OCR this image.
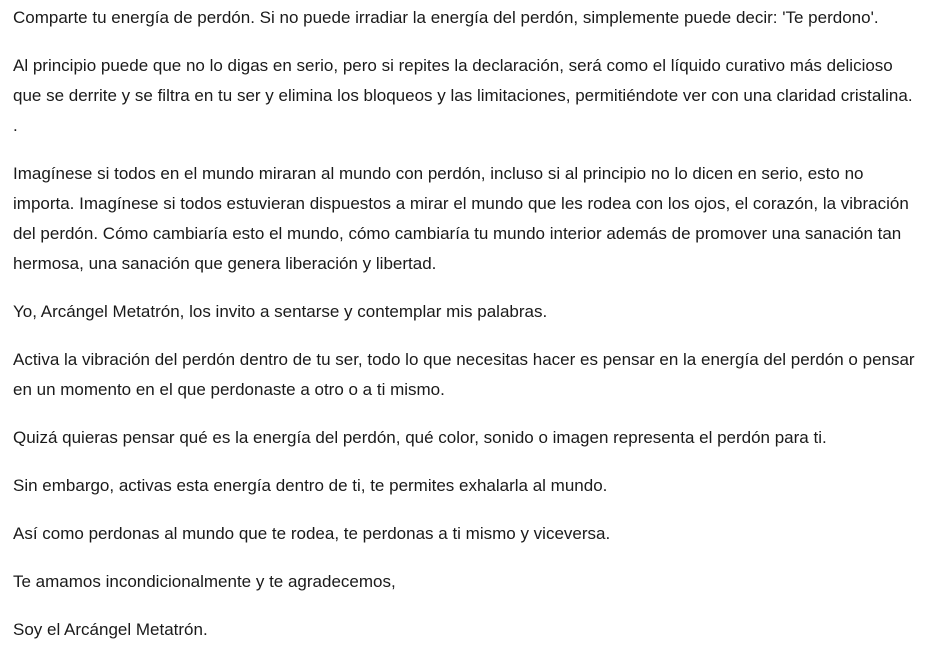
Comparte tu energía de perdón. Si no puede irradiar la energía del perdón, simplemente puede decir: 'Te perdono'.

Al principio puede que no lo digas en serio, pero si repites la declaración, será como el líquido curativo más delicioso que se derrite y se filtra en tu ser y elimina los bloqueos y las limitaciones, permitiéndote ver con una claridad cristalina. .

Imagínese si todos en el mundo miraran al mundo con perdón, incluso si al principio no lo dicen en serio, esto no importa. Imagínese si todos estuvieran dispuestos a mirar el mundo que les rodea con los ojos, el corazón, la vibración del perdón. Cómo cambiaría esto el mundo, cómo cambiaría tu mundo interior además de promover una sanación tan hermosa, una sanación que genera liberación y libertad.

Yo, Arcángel Metatrón, los invito a sentarse y contemplar mis palabras.

Activa la vibración del perdón dentro de tu ser, todo lo que necesitas hacer es pensar en la energía del perdón o pensar en un momento en el que perdonaste a otro o a ti mismo.

Quizá quieras pensar qué es la energía del perdón, qué color, sonido o imagen representa el perdón para ti.

Sin embargo, activas esta energía dentro de ti, te permites exhalarla al mundo.

Así como perdonas al mundo que te rodea, te perdonas a ti mismo y viceversa.

Te amamos incondicionalmente y te agradecemos,

Soy el Arcángel Metatrón.
